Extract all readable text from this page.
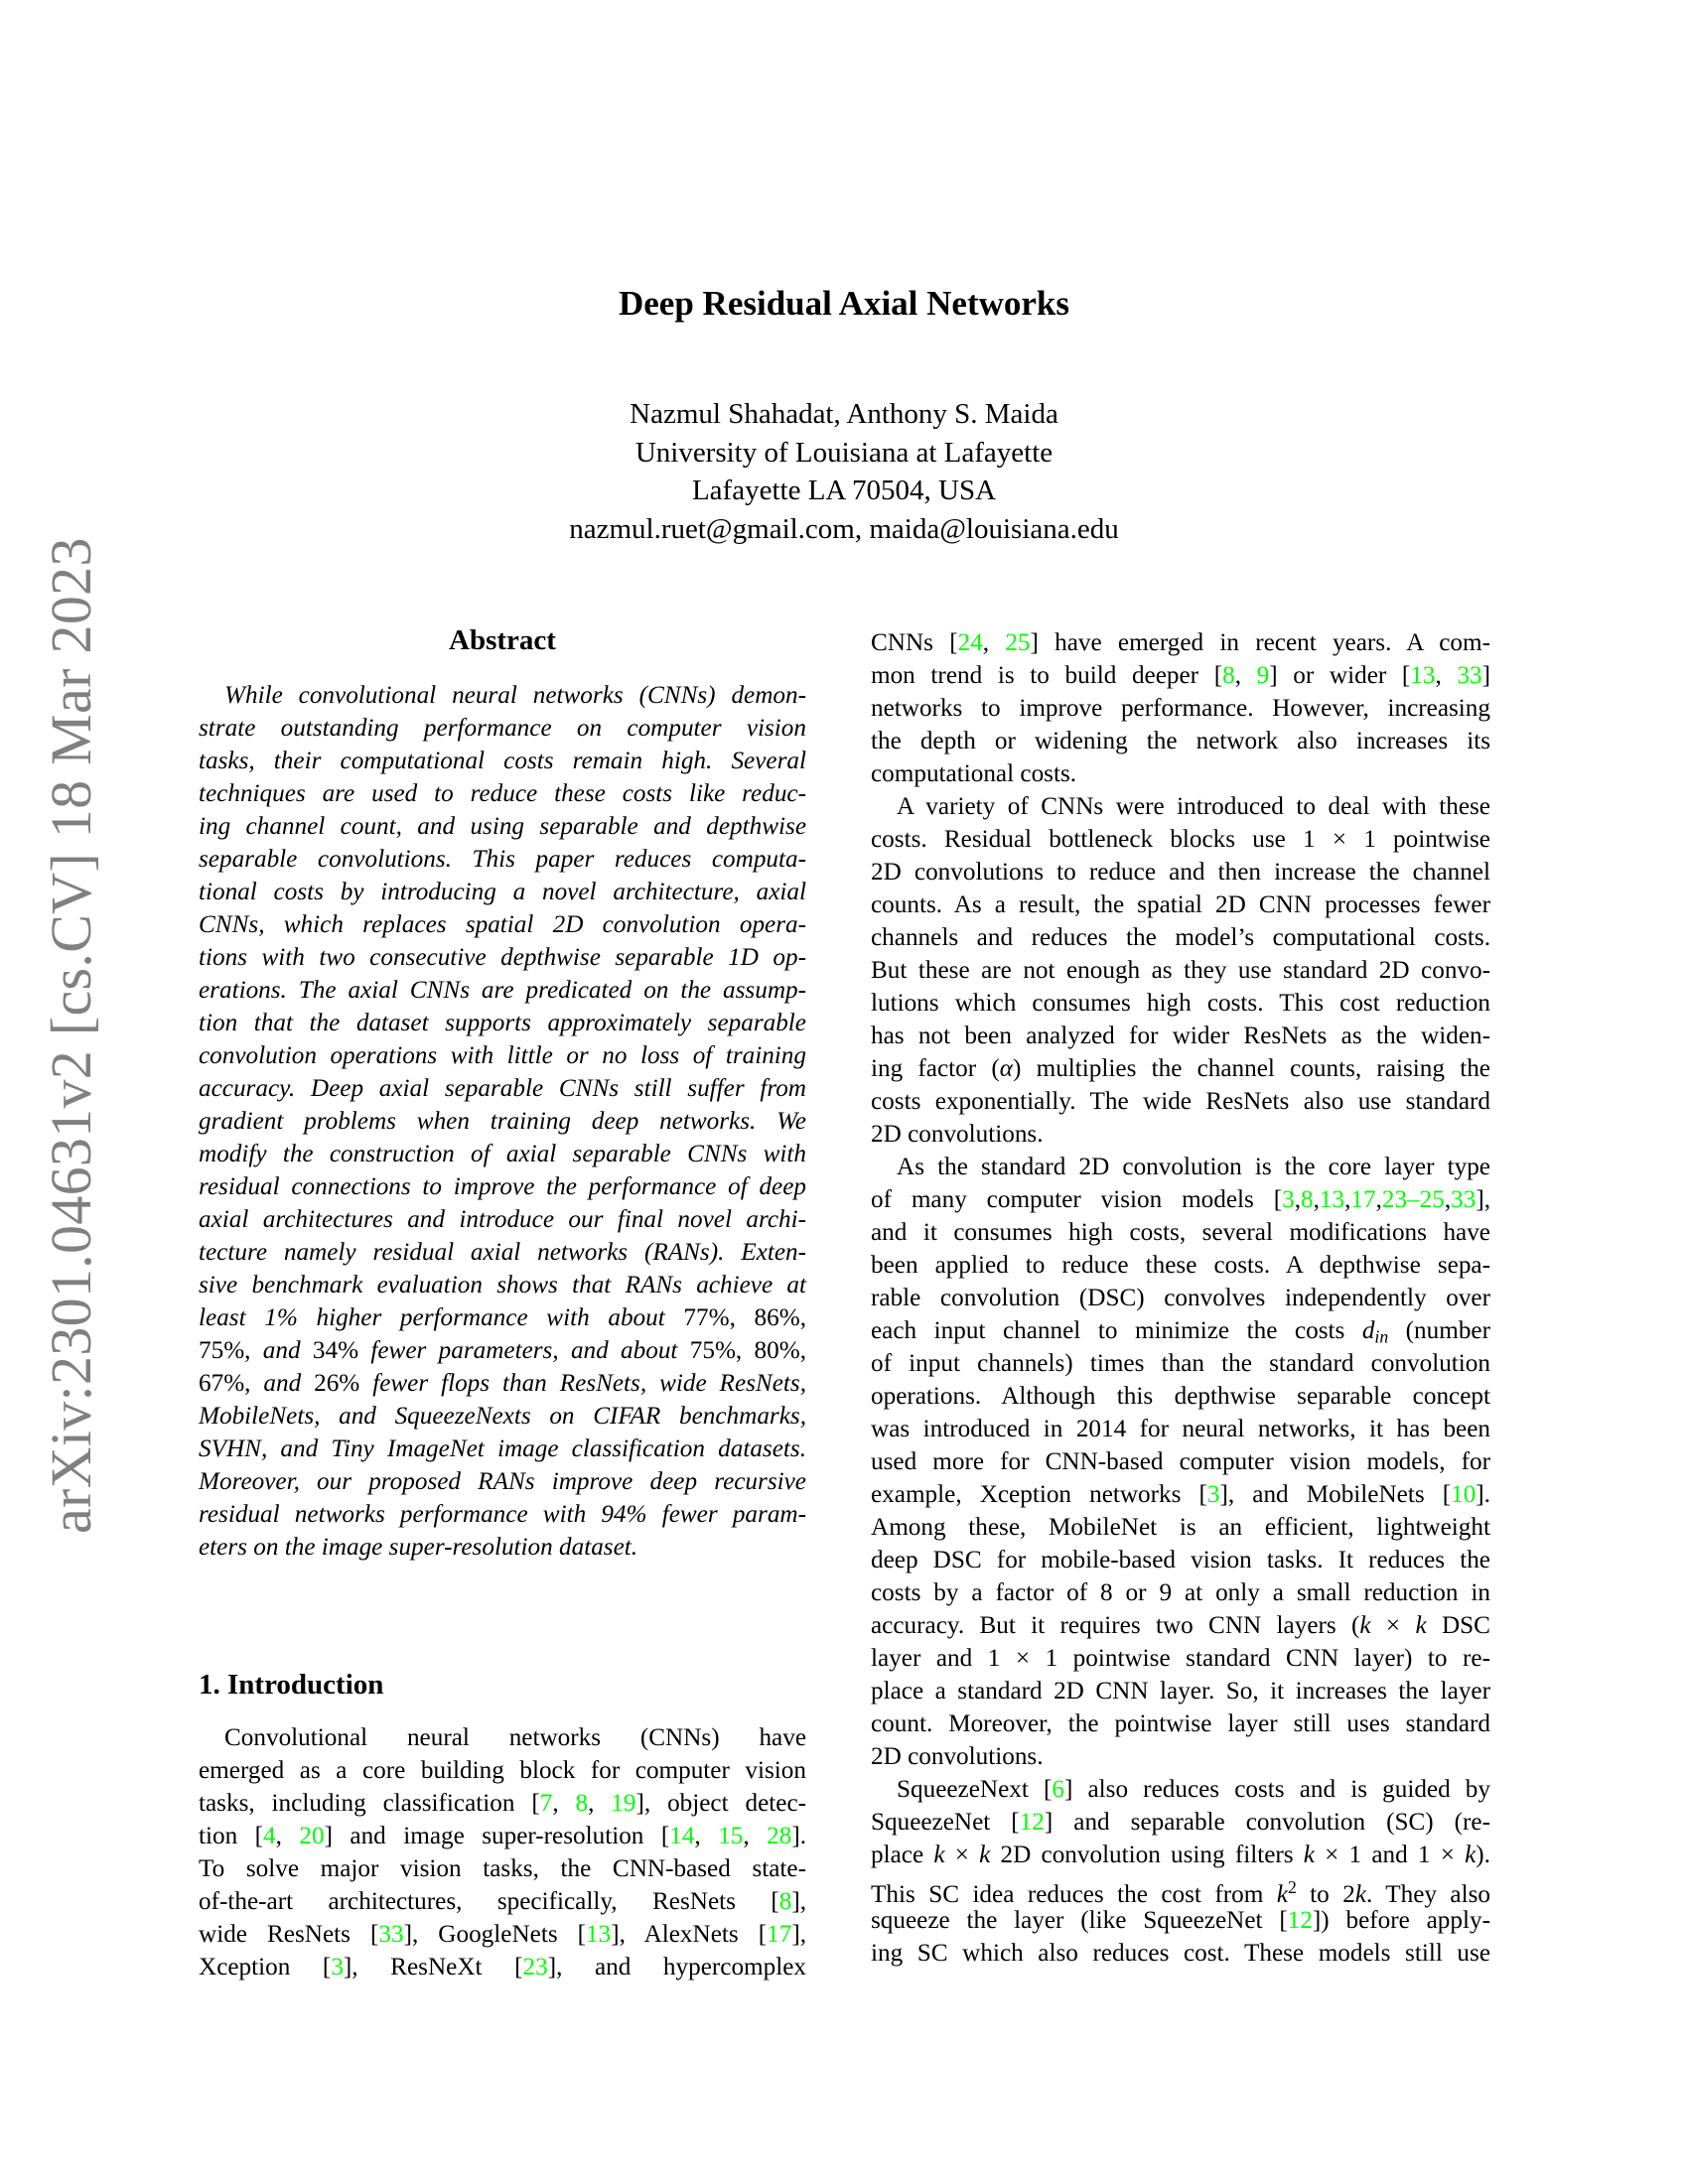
Deep Residual Axial Networks
Nazmul Shahadat, Anthony S. Maida
University of Louisiana at Lafayette
Lafayette LA 70504, USA
nazmul.ruet@gmail.com, maida@louisiana.edu
arXiv:2301.04631v2 [cs.CV] 18 Mar 2023	Abstract
While convolutional neural networks (CNNs) demon-
strate outstanding performance on computer vision
tasks, their computational costs remain high. Several
techniques are used to reduce these costs like reduc-
ing channel count, and using separable and depthwise
separable convolutions. This paper reduces computa-
tional costs by introducing a novel architecture, axial
CNNs, which replaces spatial 2D convolution opera-
tions with two consecutive depthwise separable 1D op-
erations. The axial CNNs are predicated on the assump-
tion that the dataset supports approximately separable
convolution operations with little or no loss of training
accuracy. Deep axial separable CNNs still suffer from
gradient problems when training deep networks. We
modify the construction of axial separable CNNs with
residual connections to improve the performance of deep
axial architectures and introduce our final novel archi-
tecture namely residual axial networks (RANs). Exten-
sive benchmark evaluation shows that RANs achieve at
least 1% higher performance with about 77%, 86%,
75%, and 34% fewer parameters, and about 75%, 80%,
67%, and 26% fewer flops than ResNets, wide ResNets,
MobileNets, and SqueezeNexts on CIFAR benchmarks,
SVHN, and Tiny ImageNet image classification datasets.
Moreover, our proposed RANs improve deep recursive
residual networks performance with 94% fewer param-
eters on the image super-resolution dataset.
1. Introduction
Convolutional neural networks (CNNs) have
emerged as a core building block for computer vision
tasks, including classification [7, 8, 19], object detec-
tion [4, 20] and image super-resolution [14, 15, 28].
To solve major vision tasks, the CNN-based state-
of-the-art architectures, specifically, ResNets [8],
wide ResNets [33], GoogleNets [13], AlexNets [17],
Xception [3], ResNeXt [23], and hypercomplex
CNNs [24, 25] have emerged in recent years. A com-
mon trend is to build deeper [8, 9] or wider [13, 33]
networks to improve performance. However, increasing
the depth or widening the network also increases its
computational costs.
A variety of CNNs were introduced to deal with these
costs. Residual bottleneck blocks use 1 × 1 pointwise
2D convolutions to reduce and then increase the channel
counts. As a result, the spatial 2D CNN processes fewer
channels and reduces the model’s computational costs.
But these are not enough as they use standard 2D convo-
lutions which consumes high costs. This cost reduction
has not been analyzed for wider ResNets as the widen-
ing factor (α) multiplies the channel counts, raising the
costs exponentially. The wide ResNets also use standard
2D convolutions.
As the standard 2D convolution is the core layer type
of many computer vision models [3,8,13,17,23–25,33],
and it consumes high costs, several modifications have
been applied to reduce these costs. A depthwise sepa-
rable convolution (DSC) convolves independently over
each input channel to minimize the costs $d_{in}$ (number
of input channels) times than the standard convolution
operations. Although this depthwise separable concept
was introduced in 2014 for neural networks, it has been
used more for CNN-based computer vision models, for
example, Xception networks [3], and MobileNets [10].
Among these, MobileNet is an efficient, lightweight
deep DSC for mobile-based vision tasks. It reduces the
costs by a factor of 8 or 9 at only a small reduction in
accuracy. But it requires two CNN layers (k × k DSC
layer and 1 × 1 pointwise standard CNN layer) to re-
place a standard 2D CNN layer. So, it increases the layer
count. Moreover, the pointwise layer still uses standard
2D convolutions.
SqueezeNext [6] also reduces costs and is guided by
SqueezeNet [12] and separable convolution (SC) (re-
place k × k 2D convolution using filters k × 1 and 1 × k).
This SC idea reduces the cost from $k^2$ to 2k. They also
squeeze the layer (like SqueezeNet [12]) before apply-
ing SC which also reduces cost. These models still use
